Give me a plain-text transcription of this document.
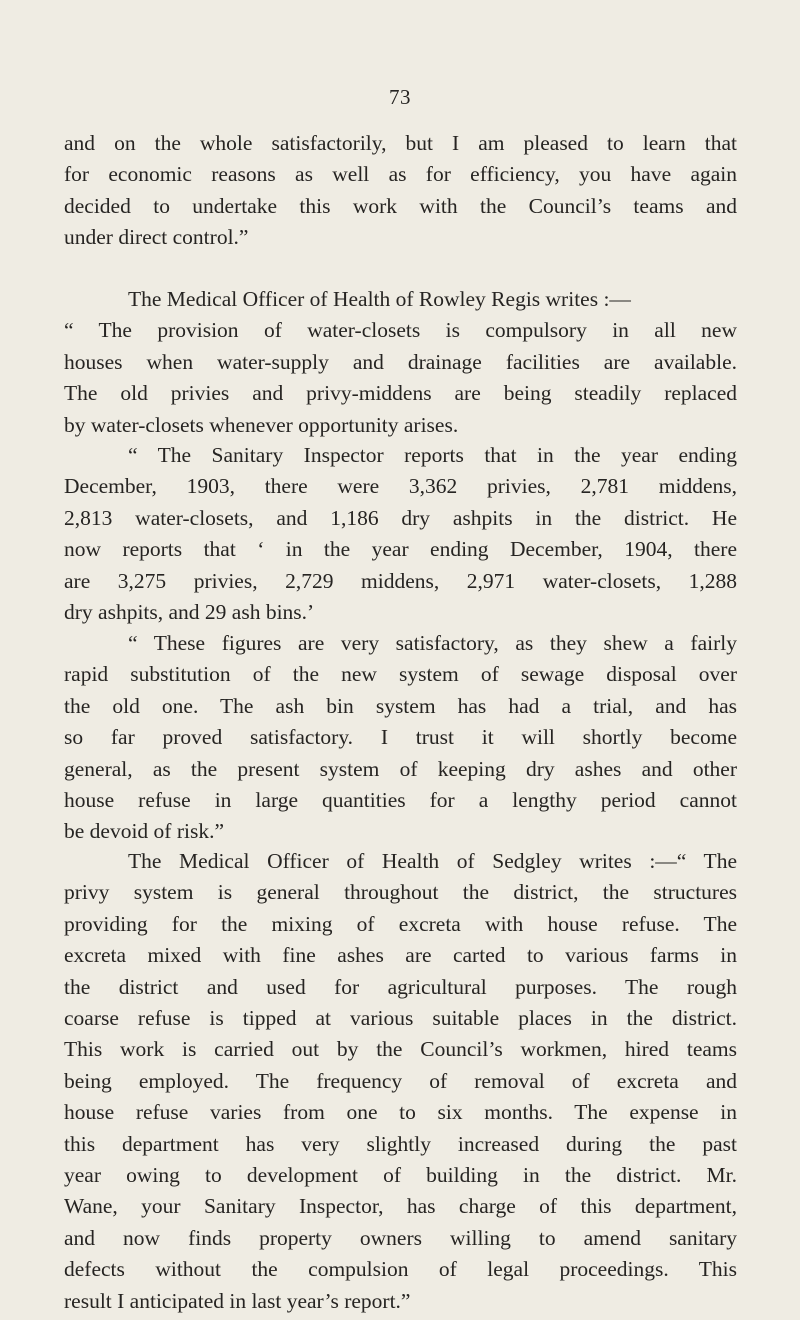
73
and on the whole satisfactorily, but I am pleased to learn that
for economic reasons as well as for efficiency, you have again
decided to undertake this work with the Council’s teams and
under direct control.”
The Medical Officer of Health of Rowley Regis writes :—
“ The provision of water-closets is compulsory in all new
houses when water-supply and drainage facilities are available.
The old privies and privy-middens are being steadily replaced
by water-closets whenever opportunity arises.
“ The Sanitary Inspector reports that in the year ending
December, 1903, there were 3,362 privies, 2,781 middens,
2,813 water-closets, and 1,186 dry ashpits in the district. He
now reports that ‘ in the year ending December, 1904, there
are 3,275 privies, 2,729 middens, 2,971 water-closets, 1,288
dry ashpits, and 29 ash bins.’
“ These figures are very satisfactory, as they shew a fairly
rapid substitution of the new system of sewage disposal over
the old one. The ash bin system has had a trial, and has
so far proved satisfactory. I trust it will shortly become
general, as the present system of keeping dry ashes and other
house refuse in large quantities for a lengthy period cannot
be devoid of risk.”
The Medical Officer of Health of Sedgley writes :—“ The
privy system is general throughout the district, the structures
providing for the mixing of excreta with house refuse. The
excreta mixed with fine ashes are carted to various farms in
the district and used for agricultural purposes. The rough
coarse refuse is tipped at various suitable places in the district.
This work is carried out by the Council’s workmen, hired teams
being employed. The frequency of removal of excreta and
house refuse varies from one to six months. The expense in
this department has very slightly increased during the past
year owing to development of building in the district. Mr.
Wane, your Sanitary Inspector, has charge of this department,
and now finds property owners willing to amend sanitary
defects without the compulsion of legal proceedings. This
result I anticipated in last year’s report.”
